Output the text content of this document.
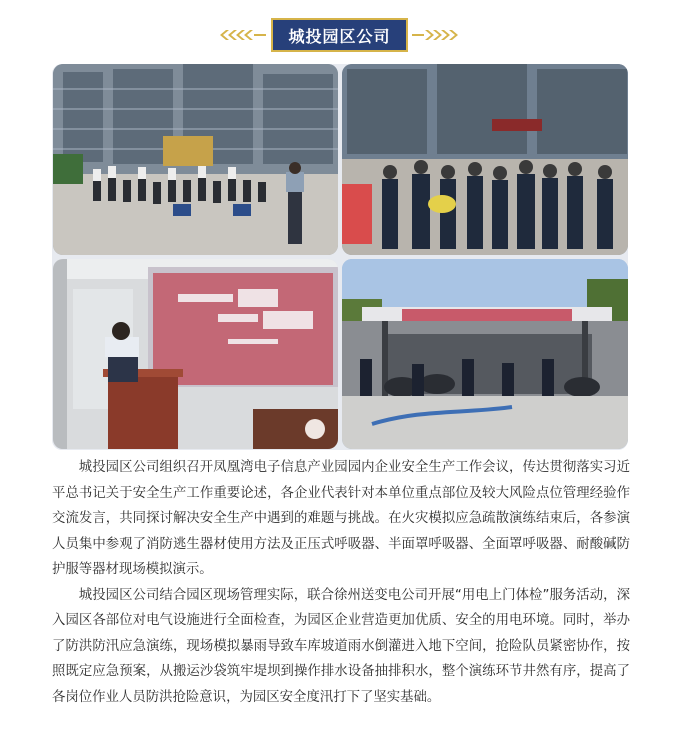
城投园区公司

城投园区公司组织召开凤凰湾电子信息产业园园内企业安全生产工作会议，传达贯彻落实习近平总书记关于安全生产工作重要论述，各企业代表针对本单位重点部位及较大风险点位管理经验作交流发言，共同探讨解决安全生产中遇到的难题与挑战。在火灾模拟应急疏散演练结束后，各参演人员集中参观了消防逃生器材使用方法及正压式呼吸器、半面罩呼吸器、全面罩呼吸器、耐酸碱防护服等器材现场模拟演示。

城投园区公司结合园区现场管理实际，联合徐州送变电公司开展“用电上门体检”服务活动，深入园区各部位对电气设施进行全面检查，为园区企业营造更加优质、安全的用电环境。同时，举办了防洪防汛应急演练，现场模拟暴雨导致车库坡道雨水倒灌进入地下空间，抢险队员紧密协作，按照既定应急预案，从搬运沙袋筑牢堤坝到操作排水设备抽排积水，整个演练环节井然有序，提高了各岗位作业人员防洪抢险意识，为园区安全度汛打下了坚实基础。
